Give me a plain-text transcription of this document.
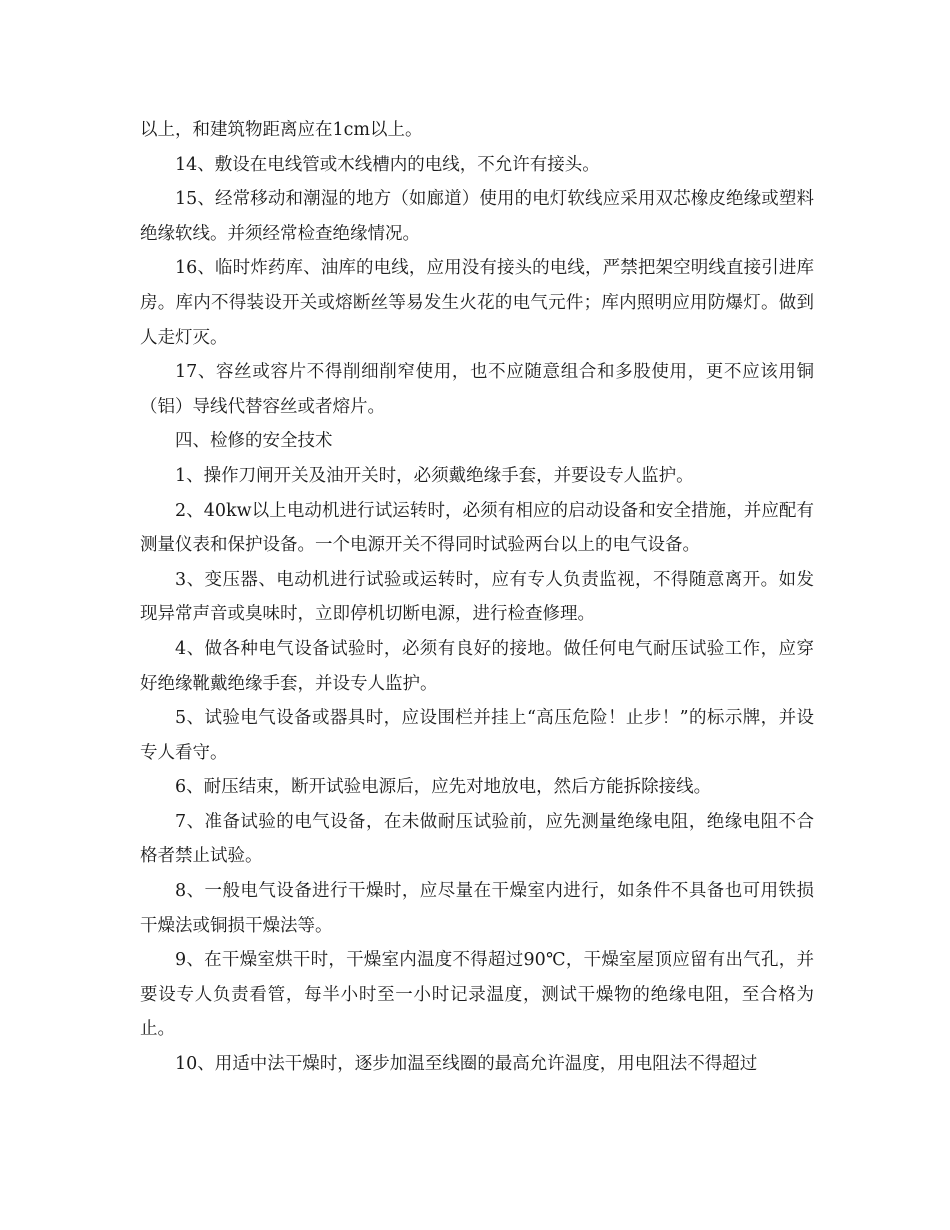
以上，和建筑物距离应在1cm以上。

14、敷设在电线管或木线槽内的电线，不允许有接头。

15、经常移动和潮湿的地方（如廊道）使用的电灯软线应采用双芯橡皮绝缘或塑料绝缘软线。并须经常检查绝缘情况。

16、临时炸药库、油库的电线，应用没有接头的电线，严禁把架空明线直接引进库房。库内不得装设开关或熔断丝等易发生火花的电气元件；库内照明应用防爆灯。做到人走灯灭。

17、容丝或容片不得削细削窄使用，也不应随意组合和多股使用，更不应该用铜（铝）导线代替容丝或者熔片。

四、检修的安全技术

1、操作刀闸开关及油开关时，必须戴绝缘手套，并要设专人监护。

2、40kw以上电动机进行试运转时，必须有相应的启动设备和安全措施，并应配有测量仪表和保护设备。一个电源开关不得同时试验两台以上的电气设备。

3、变压器、电动机进行试验或运转时，应有专人负责监视，不得随意离开。如发现异常声音或臭味时，立即停机切断电源，进行检查修理。

4、做各种电气设备试验时，必须有良好的接地。做任何电气耐压试验工作，应穿好绝缘靴戴绝缘手套，并设专人监护。

5、试验电气设备或器具时，应设围栏并挂上“高压危险！止步！”的标示牌，并设专人看守。

6、耐压结束，断开试验电源后，应先对地放电，然后方能拆除接线。

7、准备试验的电气设备，在未做耐压试验前，应先测量绝缘电阻，绝缘电阻不合格者禁止试验。

8、一般电气设备进行干燥时，应尽量在干燥室内进行，如条件不具备也可用铁损干燥法或铜损干燥法等。

9、在干燥室烘干时，干燥室内温度不得超过90℃，干燥室屋顶应留有出气孔，并要设专人负责看管，每半小时至一小时记录温度，测试干燥物的绝缘电阻，至合格为止。

10、用适中法干燥时，逐步加温至线圈的最高允许温度，用电阻法不得超过
